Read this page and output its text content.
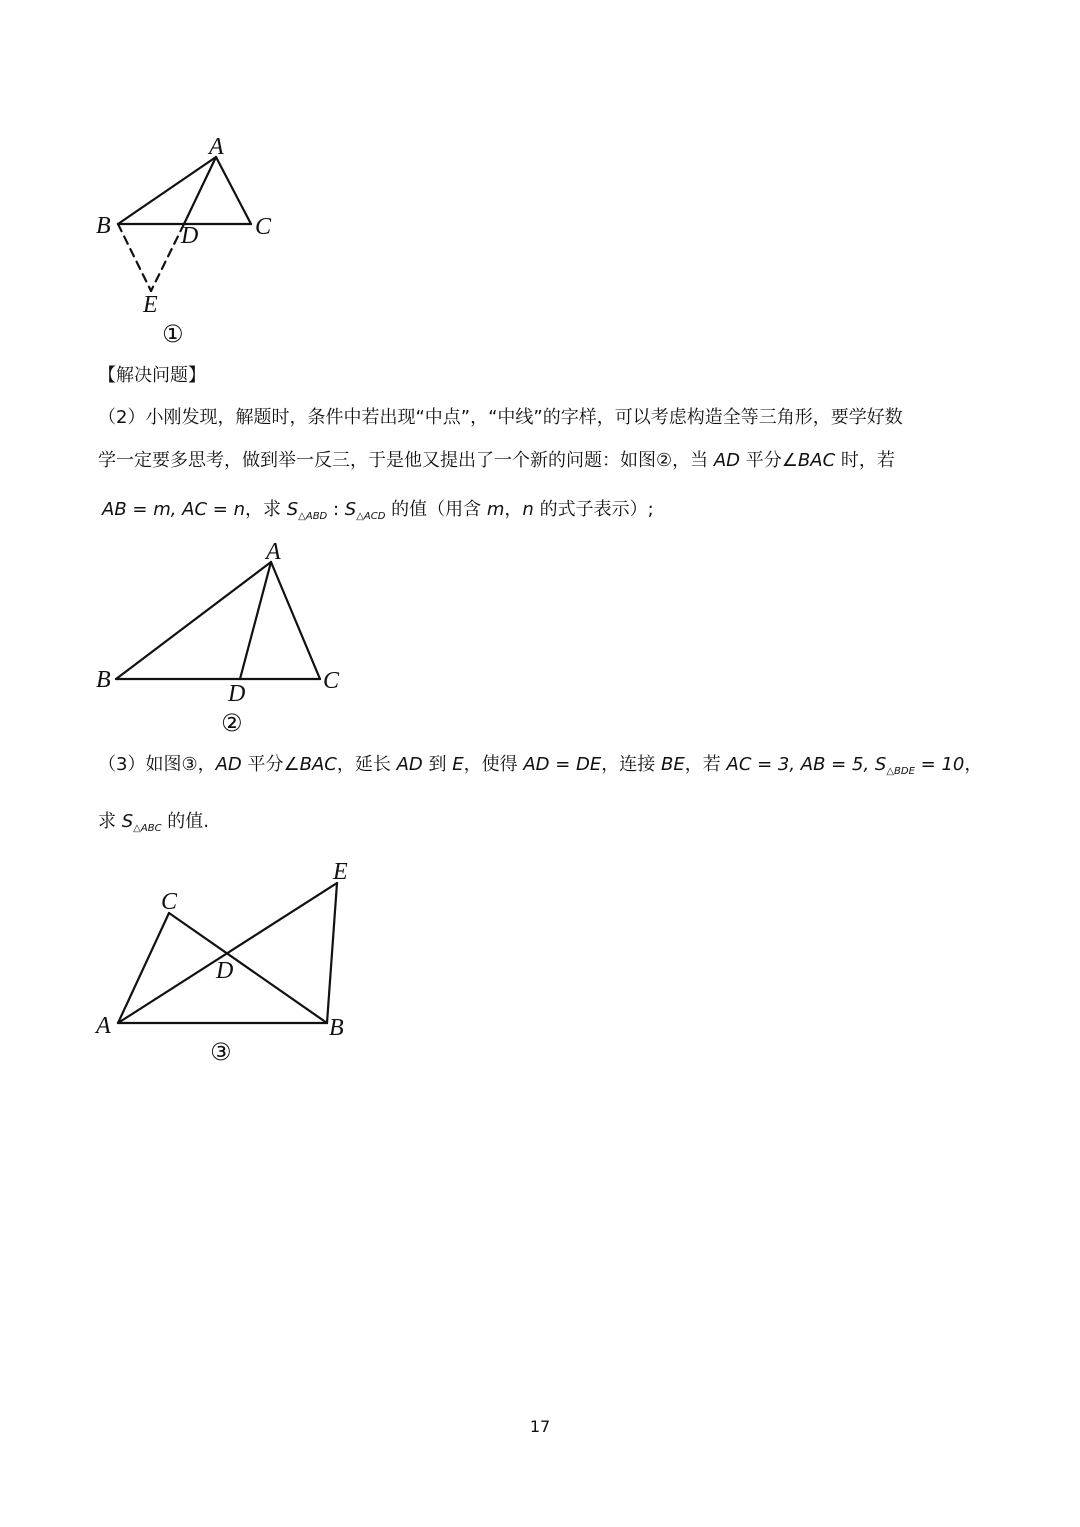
A
B	C
D
E
①
【解决问题】
（2）小刚发现，解题时，条件中若出现“中点”，“中线”的字样，可以考虑构造全等三角形，要学好数
学一定要多思考，做到举一反三，于是他又提出了一个新的问题：如图②，当 AD 平分∠BAC 时，若
AB = m, AC = n，求 $S_{\triangle ABD}$ : $S_{\triangle ACD}$ 的值（用含 m，n 的式子表示）;
A
B	C
D
②
（3）如图③，AD 平分∠BAC，延长 AD 到 E，使得 AD = DE，连接 BE，若 AC = 3, AB = 5, $S_{\triangle BDE} = 10$，
求 $S_{\triangle ABC}$ 的值.
A	B
C
D
E
③
17
